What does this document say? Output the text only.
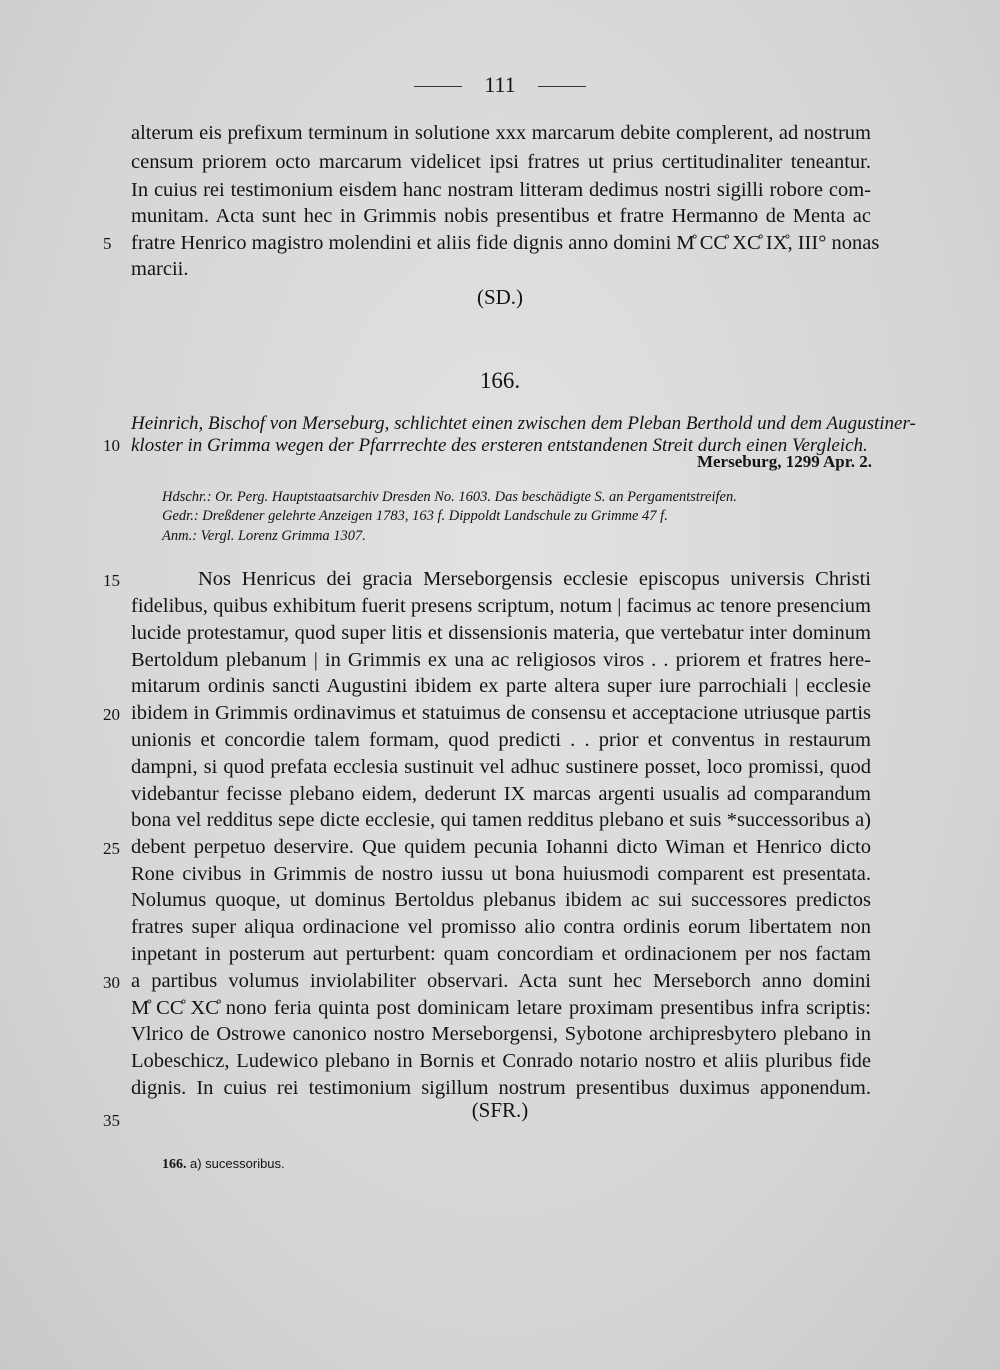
111
alterum eis prefixum terminum in solutione xxx marcarum debite complerent, ad nostrum
censum priorem octo marcarum videlicet ipsi fratres ut prius certitudinaliter teneantur.
In cuius rei testimonium eisdem hanc nostram litteram dedimus nostri sigilli robore com-
munitam. Acta sunt hec in Grimmis nobis presentibus et fratre Hermanno de Menta ac
fratre Henrico magistro molendini et aliis fide dignis anno domini M̊ CC̊ XC̊ IX̊, III° nonas
marcii.
5
(SD.)
166.
Heinrich, Bischof von Merseburg, schlichtet einen zwischen dem Pleban Berthold und dem Augustiner-
kloster in Grimma wegen der Pfarrrechte des ersteren entstandenen Streit durch einen Vergleich.
10
Merseburg, 1299 Apr. 2.
Hdschr.: Or. Perg. Hauptstaatsarchiv Dresden No. 1603. Das beschädigte S. an Pergamentstreifen.
Gedr.: Dreßdener gelehrte Anzeigen 1783, 163 f. Dippoldt Landschule zu Grimme 47 f.
Anm.: Vergl. Lorenz Grimma 1307.
Nos Henricus dei gracia Merseborgensis ecclesie episcopus universis Christi
15
fidelibus, quibus exhibitum fuerit presens scriptum, notum | facimus ac tenore presencium
lucide protestamur, quod super litis et dissensionis materia, que vertebatur inter dominum
Bertoldum plebanum | in Grimmis ex una ac religiosos viros . . priorem et fratres here-
mitarum ordinis sancti Augustini ibidem ex parte altera super iure parrochiali | ecclesie
ibidem in Grimmis ordinavimus et statuimus de consensu et acceptacione utriusque partis
20
unionis et concordie talem formam, quod predicti . . prior et conventus in restaurum
dampni, si quod prefata ecclesia sustinuit vel adhuc sustinere posset, loco promissi, quod
videbantur fecisse plebano eidem, dederunt IX marcas argenti usualis ad comparandum
bona vel redditus sepe dicte ecclesie, qui tamen redditus plebano et suis *successoribus a)
debent perpetuo deservire. Que quidem pecunia Iohanni dicto Wiman et Henrico dicto
25
Rone civibus in Grimmis de nostro iussu ut bona huiusmodi comparent est presentata.
Nolumus quoque, ut dominus Bertoldus plebanus ibidem ac sui successores predictos
fratres super aliqua ordinacione vel promisso alio contra ordinis eorum libertatem non
inpetant in posterum aut perturbent: quam concordiam et ordinacionem per nos factam
a partibus volumus inviolabiliter observari. Acta sunt hec Merseborch anno domini
30
M̊ CC̊ XC̊ nono feria quinta post dominicam letare proximam presentibus infra scriptis:
Vlrico de Ostrowe canonico nostro Merseborgensi, Sybotone archipresbytero plebano in
Lobeschicz, Ludewico plebano in Bornis et Conrado notario nostro et aliis pluribus fide
dignis. In cuius rei testimonium sigillum nostrum presentibus duximus apponendum.
(SFR.)
35
166. a) sucessoribus.
